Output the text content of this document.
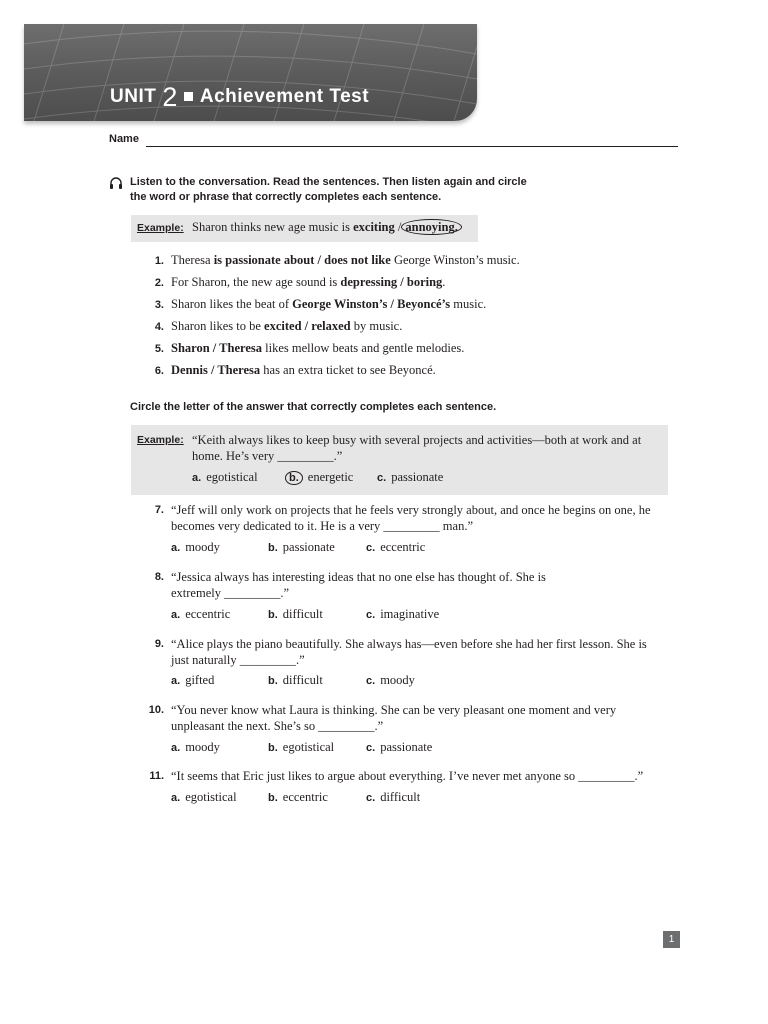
UNIT 2 Achievement Test
Name
Listen to the conversation. Read the sentences. Then listen again and circle
the word or phrase that correctly completes each sentence.
Example: Sharon thinks new age music is exciting / annoying.
1. Theresa is passionate about / does not like George Winston’s music.
2. For Sharon, the new age sound is depressing / boring.
3. Sharon likes the beat of George Winston’s / Beyoncé’s music.
4. Sharon likes to be excited / relaxed by music.
5. Sharon / Theresa likes mellow beats and gentle melodies.
6. Dennis / Theresa has an extra ticket to see Beyoncé.
Circle the letter of the answer that correctly completes each sentence.
Example: “Keith always likes to keep busy with several projects and activities—both at work and at
home. He’s very _________.”
a. egotistical	b. energetic c. passionate
7. “Jeff will only work on projects that he feels very strongly about, and once he begins on one, he
becomes very dedicated to it. He is a very _________ man.”
a. moody	b. passionate	c. eccentric
8. “Jessica always has interesting ideas that no one else has thought of. She is
extremely _________.”
a. eccentric	b. difficult	c. imaginative
9. “Alice plays the piano beautifully. She always has—even before she had her first lesson. She is
just naturally _________.”
a. gifted	b. difficult	c. moody
10. “You never know what Laura is thinking. She can be very pleasant one moment and very
unpleasant the next. She’s so _________.”
a. moody	b. egotistical	c. passionate
11. “It seems that Eric just likes to argue about everything. I’ve never met anyone so _________.”
a. egotistical	b. eccentric	c. difficult
1
